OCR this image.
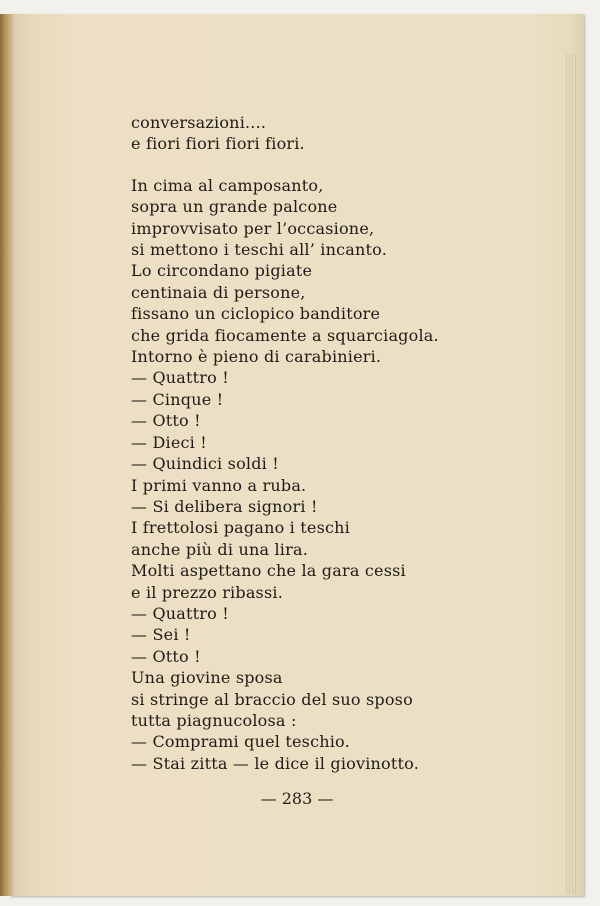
— 283 —
conversazioni....
e fiori fiori fiori fiori.
In cima al camposanto,
sopra un grande palcone
improvvisato per l’occasione,
si mettono i teschi all’ incanto.
Lo circondano pigiate
centinaia di persone,
fissano un ciclopico banditore
che grida fiocamente a squarciagola.
Intorno è pieno di carabinieri.
— Quattro !
— Cinque !
— Otto !
— Dieci !
— Quindici soldi !
I primi vanno a ruba.
— Si delibera signori !
I frettolosi pagano i teschi
anche più di una lira.
Molti aspettano che la gara cessi
e il prezzo ribassi.
— Quattro !
— Sei !
— Otto !
Una giovine sposa
si stringe al braccio del suo sposo
tutta piagnucolosa :
— Comprami quel teschio.
— Stai zitta — le dice il giovinotto.
